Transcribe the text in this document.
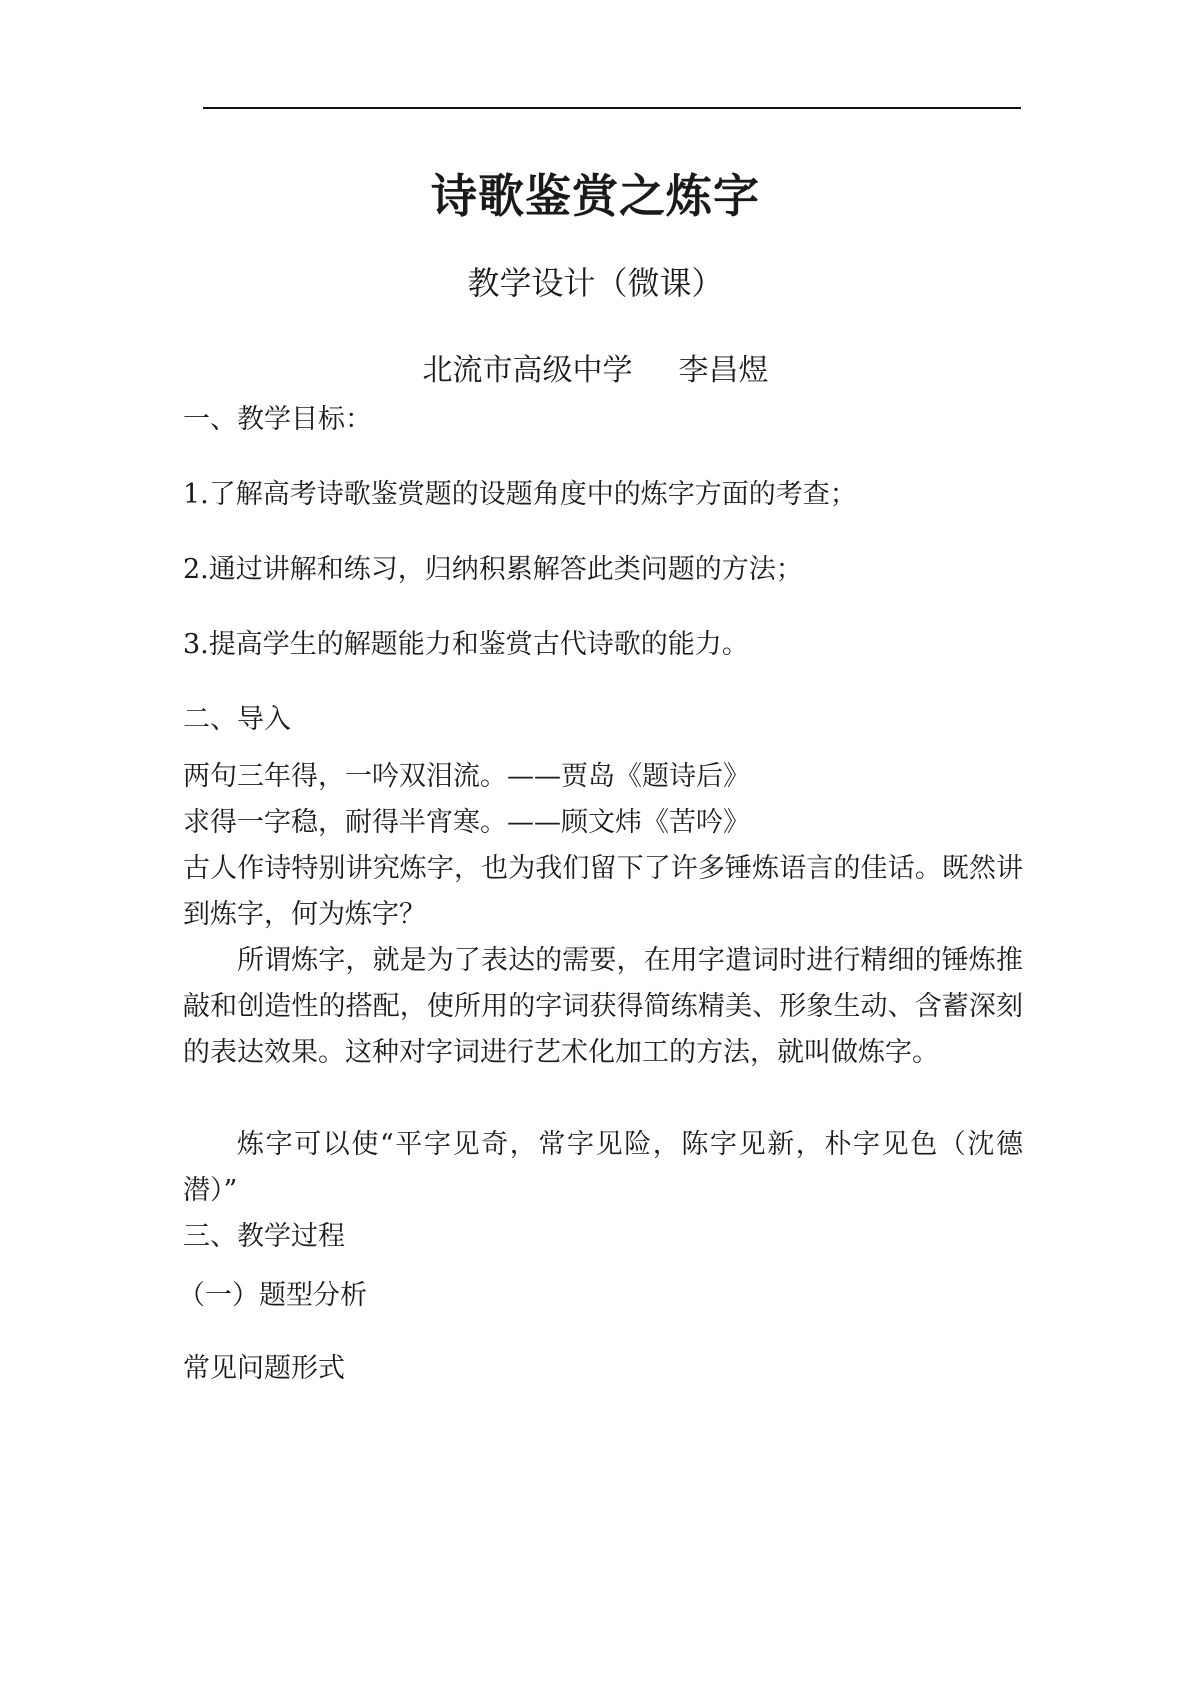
诗歌鉴赏之炼字
教学设计（微课）
北流市高级中学 李昌煜
一、教学目标：
1.了解高考诗歌鉴赏题的设题角度中的炼字方面的考查；
2.通过讲解和练习，归纳积累解答此类问题的方法；
3.提高学生的解题能力和鉴赏古代诗歌的能力。
二、导入
两句三年得，一吟双泪流。——贾岛《题诗后》
求得一字稳，耐得半宵寒。——顾文炜《苦吟》
古人作诗特别讲究炼字，也为我们留下了许多锤炼语言的佳话。既然讲到炼字，何为炼字？
所谓炼字，就是为了表达的需要，在用字遣词时进行精细的锤炼推敲和创造性的搭配，使所用的字词获得简练精美、形象生动、含蓄深刻的表达效果。这种对字词进行艺术化加工的方法，就叫做炼字。
炼字可以使“平字见奇，常字见险，陈字见新，朴字见色（沈德潜）”
三、教学过程
（一）题型分析
常见问题形式
